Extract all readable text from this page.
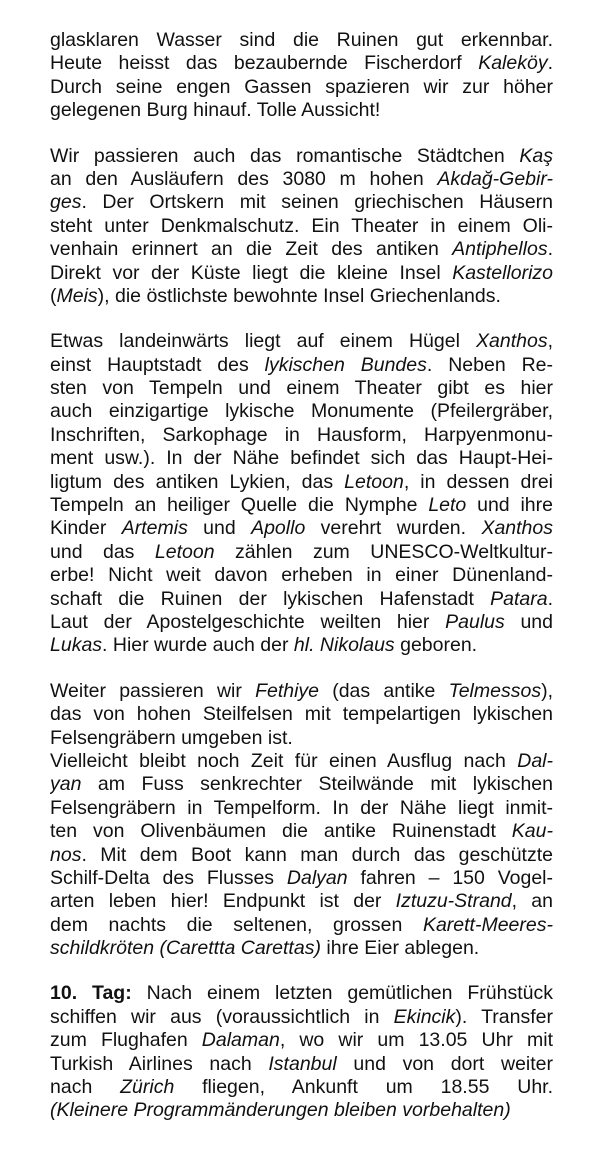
glasklaren Wasser sind die Ruinen gut erkennbar.
Heute heisst das bezaubernde Fischerdorf Kaleköy.
Durch seine engen Gassen spazieren wir zur höher
gelegenen Burg hinauf. Tolle Aussicht!
Wir passieren auch das romantische Städtchen Kaş
an den Ausläufern des 3080 m hohen Akdağ-Gebir-
ges. Der Ortskern mit seinen griechischen Häusern
steht unter Denkmalschutz. Ein Theater in einem Oli-
venhain erinnert an die Zeit des antiken Antiphellos.
Direkt vor der Küste liegt die kleine Insel Kastellorizo
(Meis), die östlichste bewohnte Insel Griechenlands.
Etwas landeinwärts liegt auf einem Hügel Xanthos,
einst Hauptstadt des lykischen Bundes. Neben Re-
sten von Tempeln und einem Theater gibt es hier
auch einzigartige lykische Monumente (Pfeilergräber,
Inschriften, Sarkophage in Hausform, Harpyenmonu-
ment usw.). In der Nähe befindet sich das Haupt-Hei-
ligtum des antiken Lykien, das Letoon, in dessen drei
Tempeln an heiliger Quelle die Nymphe Leto und ihre
Kinder Artemis und Apollo verehrt wurden. Xanthos
und das Letoon zählen zum UNESCO-Weltkultur-
erbe! Nicht weit davon erheben in einer Dünenland-
schaft die Ruinen der lykischen Hafenstadt Patara.
Laut der Apostelgeschichte weilten hier Paulus und
Lukas. Hier wurde auch der hl. Nikolaus geboren.
Weiter passieren wir Fethiye (das antike Telmessos),
das von hohen Steilfelsen mit tempelartigen lykischen
Felsengräbern umgeben ist.
Vielleicht bleibt noch Zeit für einen Ausflug nach Dal-
yan am Fuss senkrechter Steilwände mit lykischen
Felsengräbern in Tempelform. In der Nähe liegt inmit-
ten von Olivenbäumen die antike Ruinenstadt Kau-
nos. Mit dem Boot kann man durch das geschützte
Schilf-Delta des Flusses Dalyan fahren – 150 Vogel-
arten leben hier! Endpunkt ist der Iztuzu-Strand, an
dem nachts die seltenen, grossen Karett-Meeres-
schildkröten (Carettta Carettas) ihre Eier ablegen.
10. Tag: Nach einem letzten gemütlichen Frühstück
schiffen wir aus (voraussichtlich in Ekincik). Transfer
zum Flughafen Dalaman, wo wir um 13.05 Uhr mit
Turkish Airlines nach Istanbul und von dort weiter
nach Zürich fliegen, Ankunft um 18.55 Uhr.
(Kleinere Programmänderungen bleiben vorbehalten)
